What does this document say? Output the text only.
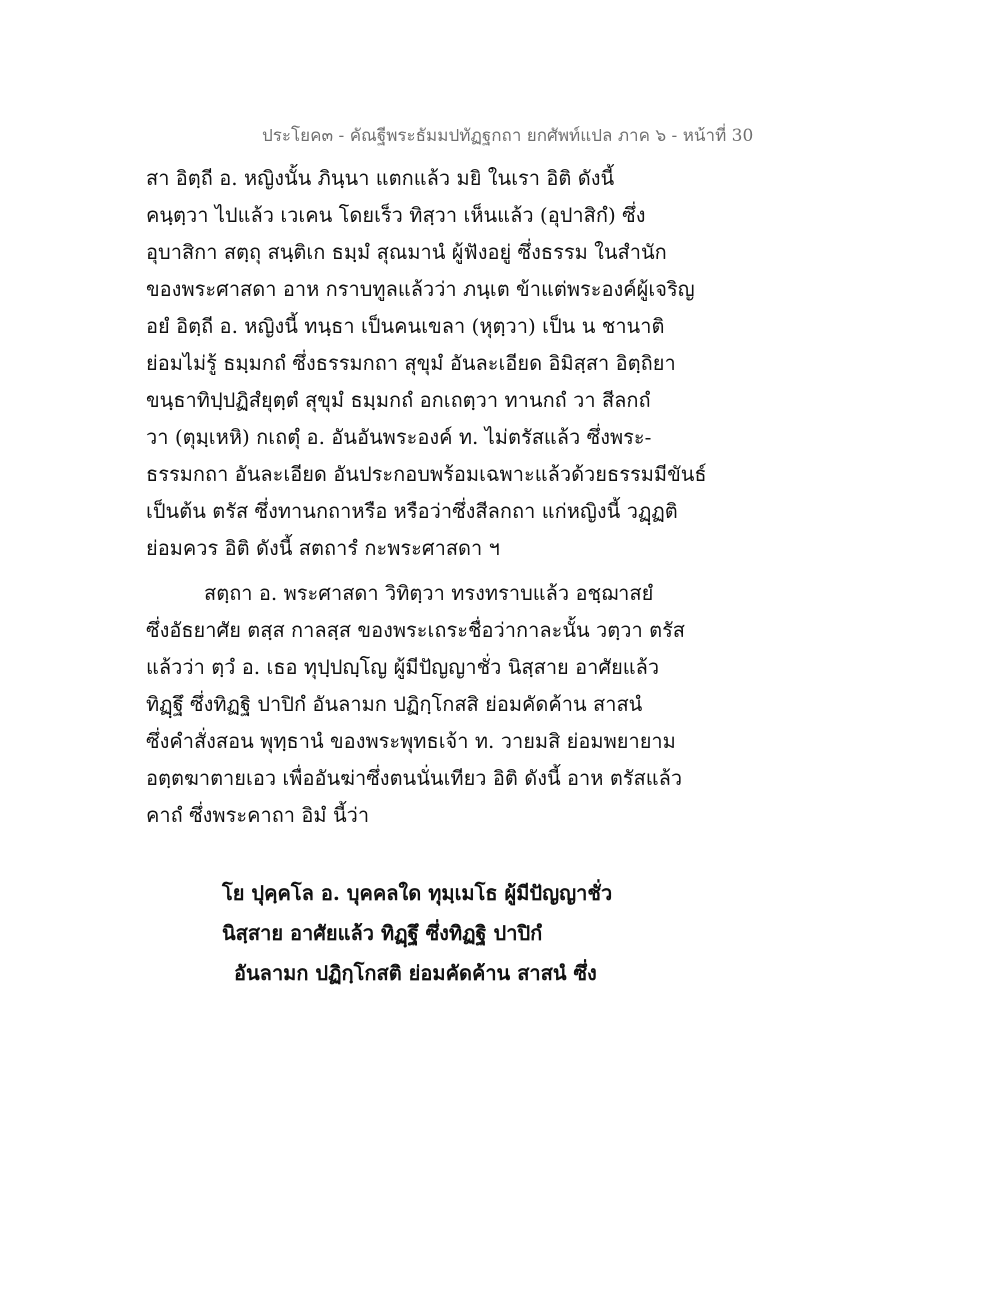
ประโยค๓ - คัณฐีพระธัมมปทัฏฐกถา ยกศัพท์แปล ภาค ๖ - หน้าที่ 30
สา อิตฺถี อ. หญิงนั้น ภินฺนา แตกแล้ว มยิ ในเรา อิติ ดังนี้
คนฺตฺวา ไปแล้ว เวเคน โดยเร็ว ทิสฺวา เห็นแล้ว (อุปาสิกํ) ซึ่ง
อุบาสิกา สตฺถุ สนฺติเก ธมฺมํ สุณมานํ ผู้ฟังอยู่ ซึ่งธรรม ในสำนัก
ของพระศาสดา อาห กราบทูลแล้วว่า ภนฺเต ข้าแต่พระองค์ผู้เจริญ
อยํ อิตฺถี อ. หญิงนี้ ทนฺธา เป็นคนเขลา (หุตฺวา) เป็น น ชานาติ
ย่อมไม่รู้ ธมฺมกถํ ซึ่งธรรมกถา สุขุมํ อันละเอียด อิมิสฺสา อิตฺถิยา
ขนฺธาทิปฺปฏิสํยุตฺตํ สุขุมํ ธมฺมกถํ อกเถตฺวา ทานกถํ วา สีลกถํ
วา (ตุมฺเหหิ) กเถตุํ อ. อันอันพระองค์ ท. ไม่ตรัสแล้ว ซึ่งพระ-
ธรรมกถา อันละเอียด อันประกอบพร้อมเฉพาะแล้วด้วยธรรมมีขันธ์
เป็นต้น ตรัส ซึ่งทานกถาหรือ หรือว่าซึ่งสีลกถา แก่หญิงนี้ วฏฺฏติ
ย่อมควร อิติ ดังนี้ สตถารํ กะพระศาสดา ฯ
สตฺถา อ. พระศาสดา วิทิตฺวา ทรงทราบแล้ว อชฺฌาสยํ
ซึ่งอัธยาศัย ตสฺส กาลสฺส ของพระเถระชื่อว่ากาละนั้น วตฺวา ตรัส
แล้วว่า ตฺวํ อ. เธอ ทุปฺปญฺโญ ผู้มีปัญญาชั่ว นิสฺสาย อาศัยแล้ว
ทิฏฺฐึ ซึ่งทิฏฐิ ปาปิกํ อันลามก ปฏิกฺโกสสิ ย่อมคัดค้าน สาสนํ
ซึ่งคำสั่งสอน พุทฺธานํ ของพระพุทธเจ้า ท. วายมสิ ย่อมพยายาม
อตฺตฆาตายเอว เพื่ออันฆ่าซึ่งตนนั่นเทียว อิติ ดังนี้ อาห ตรัสแล้ว
คาถํ ซึ่งพระคาถา อิมํ นี้ว่า
โย ปุคฺคโล อ. บุคคลใด ทุมฺเมโธ ผู้มีปัญญาชั่ว
นิสฺสาย อาศัยแล้ว ทิฏฺฐึ ซึ่งทิฏฐิ ปาปิกํ
อันลามก ปฏิกฺโกสติ ย่อมคัดค้าน สาสนํ ซึ่ง
